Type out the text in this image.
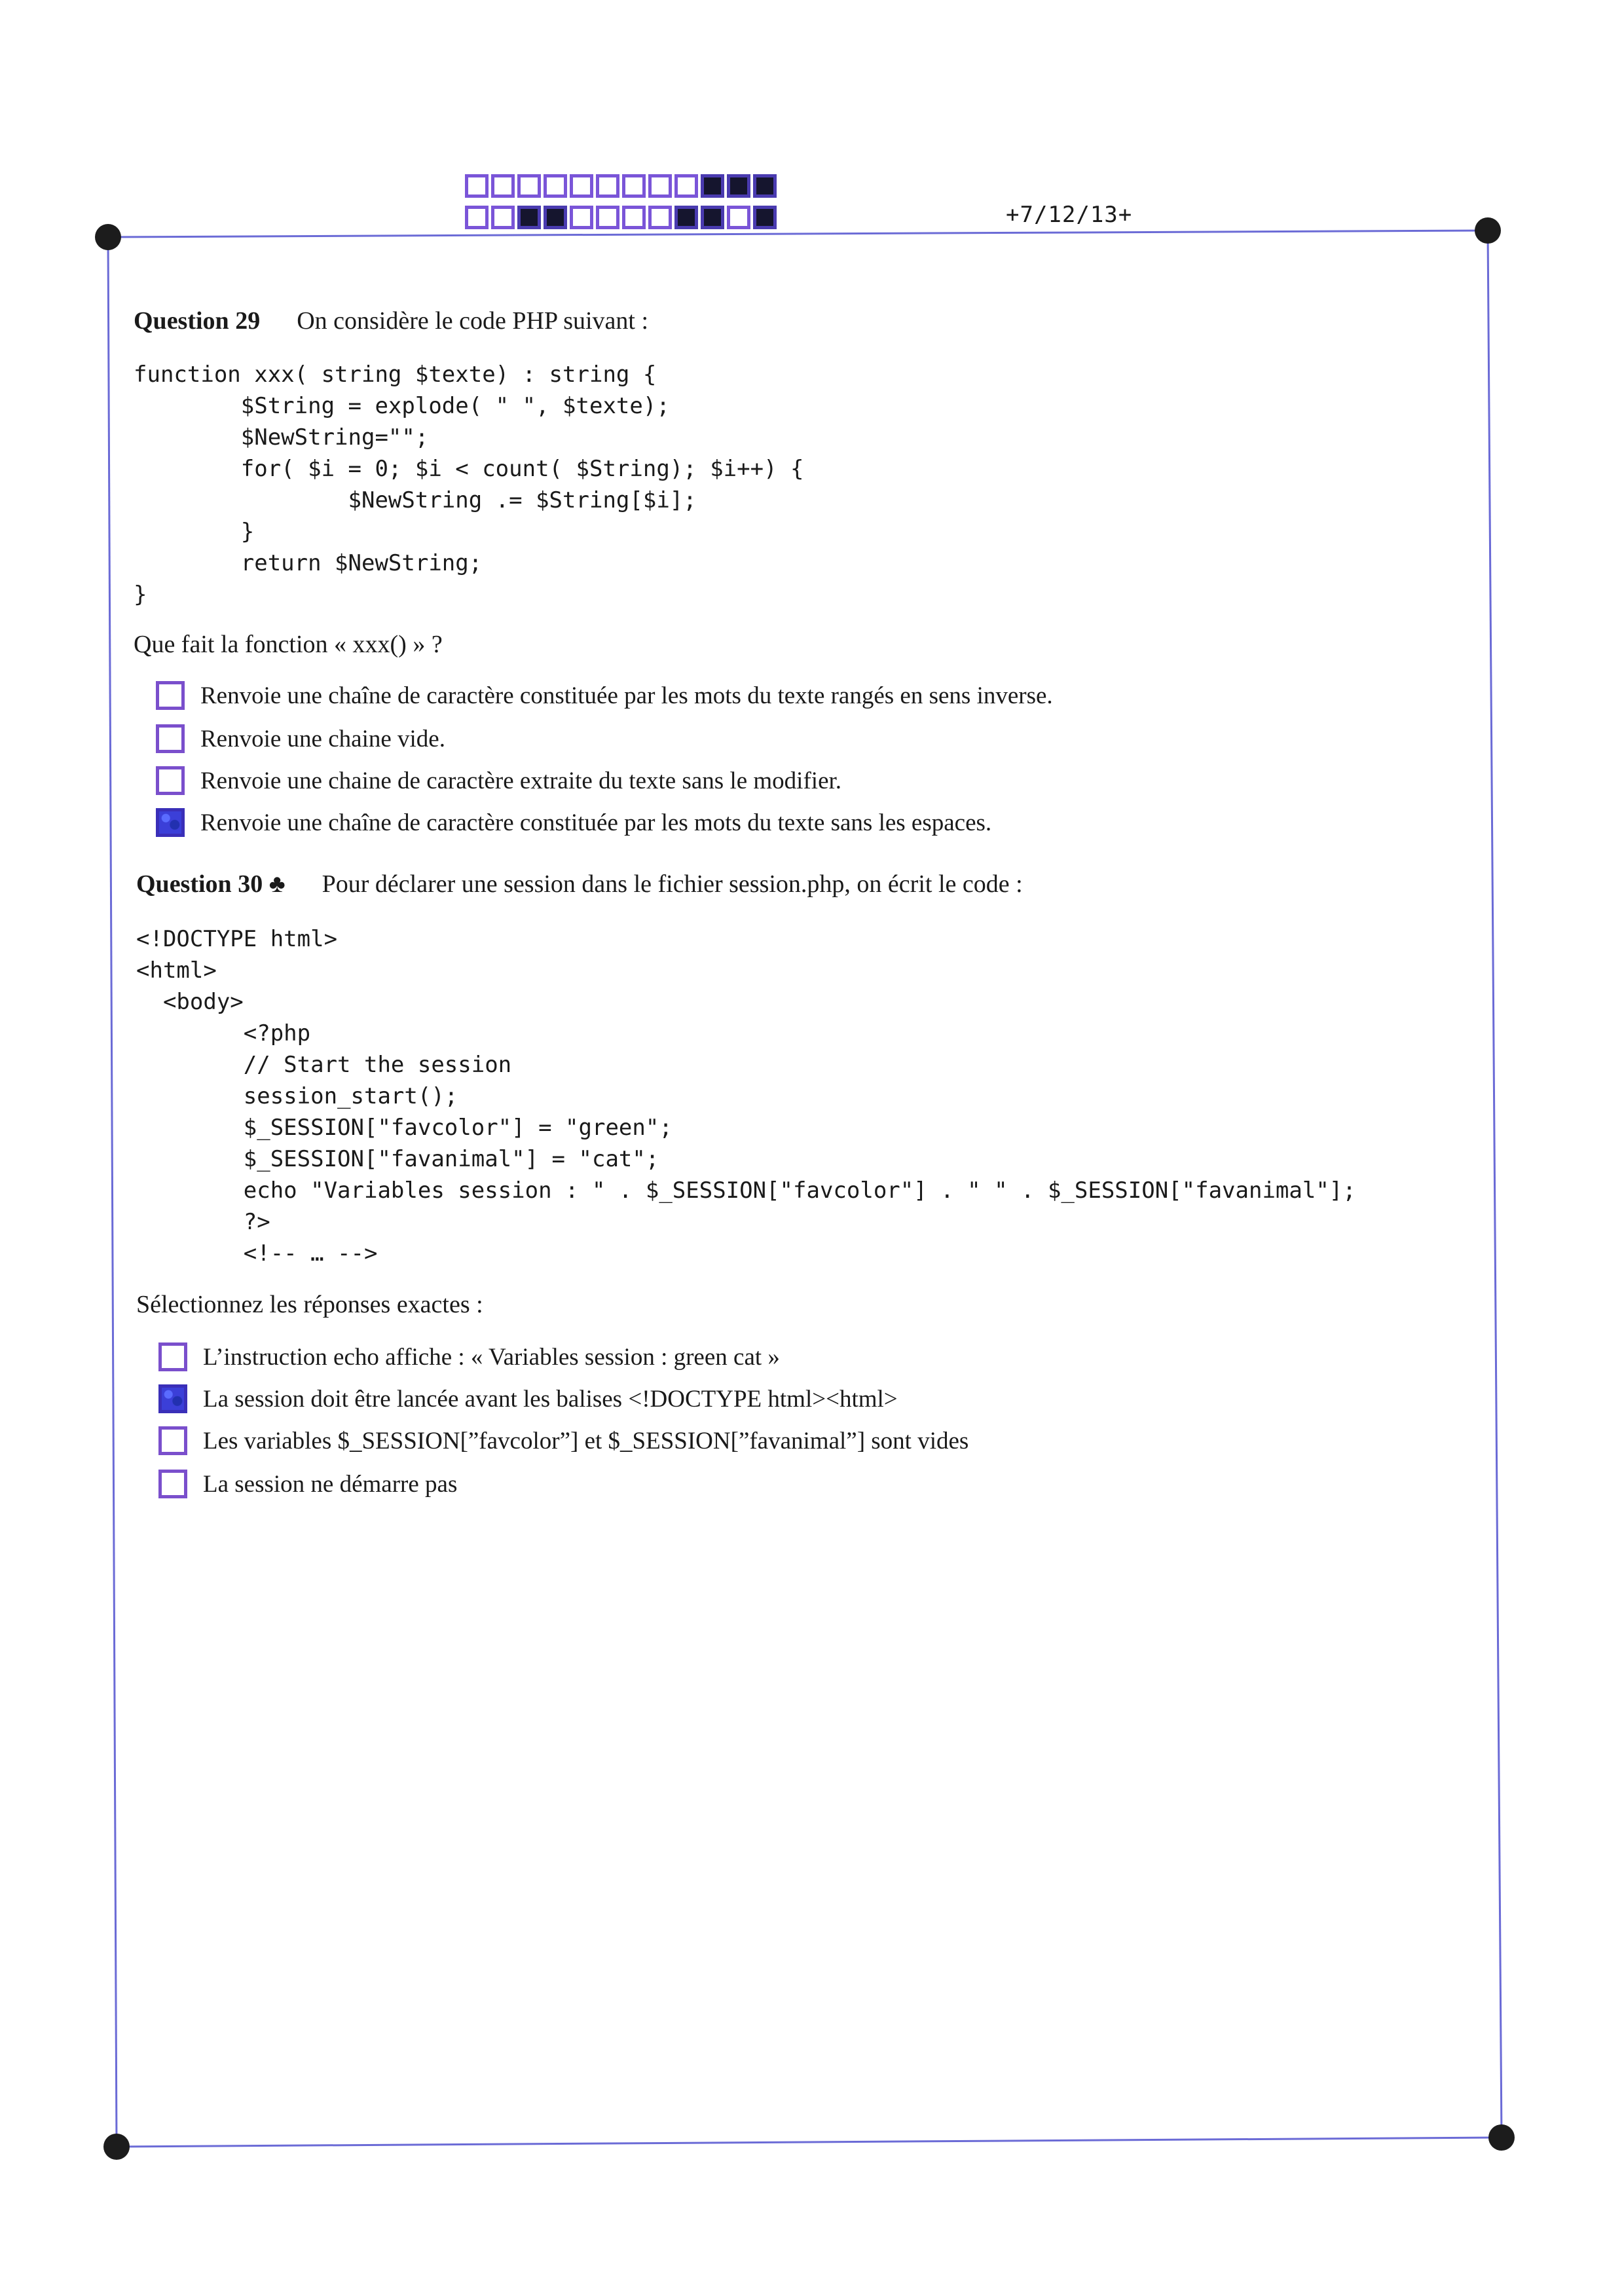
+7/12/13+
Question 29 On considère le code PHP suivant :
function xxx( string $texte) : string {
$String = explode( " ", $texte);
$NewString="";
for( $i = 0; $i < count( $String); $i++) {
$NewString .= $String[$i];
}
return $NewString;
}
Que fait la fonction « xxx() » ?
Renvoie une chaîne de caractère constituée par les mots du texte rangés en sens inverse.
Renvoie une chaine vide.
Renvoie une chaine de caractère extraite du texte sans le modifier.
Renvoie une chaîne de caractère constituée par les mots du texte sans les espaces.
Question 30 ♣ Pour déclarer une session dans le fichier session.php, on écrit le code :
<!DOCTYPE html>
<html>
<body>
<?php
// Start the session
session_start();
$_SESSION["favcolor"] = "green";
$_SESSION["favanimal"] = "cat";
echo "Variables session : " . $_SESSION["favcolor"] . " " . $_SESSION["favanimal"];
?>
<!-- … -->
Sélectionnez les réponses exactes :
L’instruction echo affiche : « Variables session : green cat »
La session doit être lancée avant les balises <!DOCTYPE html><html>
Les variables $_SESSION[”favcolor”] et $_SESSION[”favanimal”] sont vides
La session ne démarre pas
